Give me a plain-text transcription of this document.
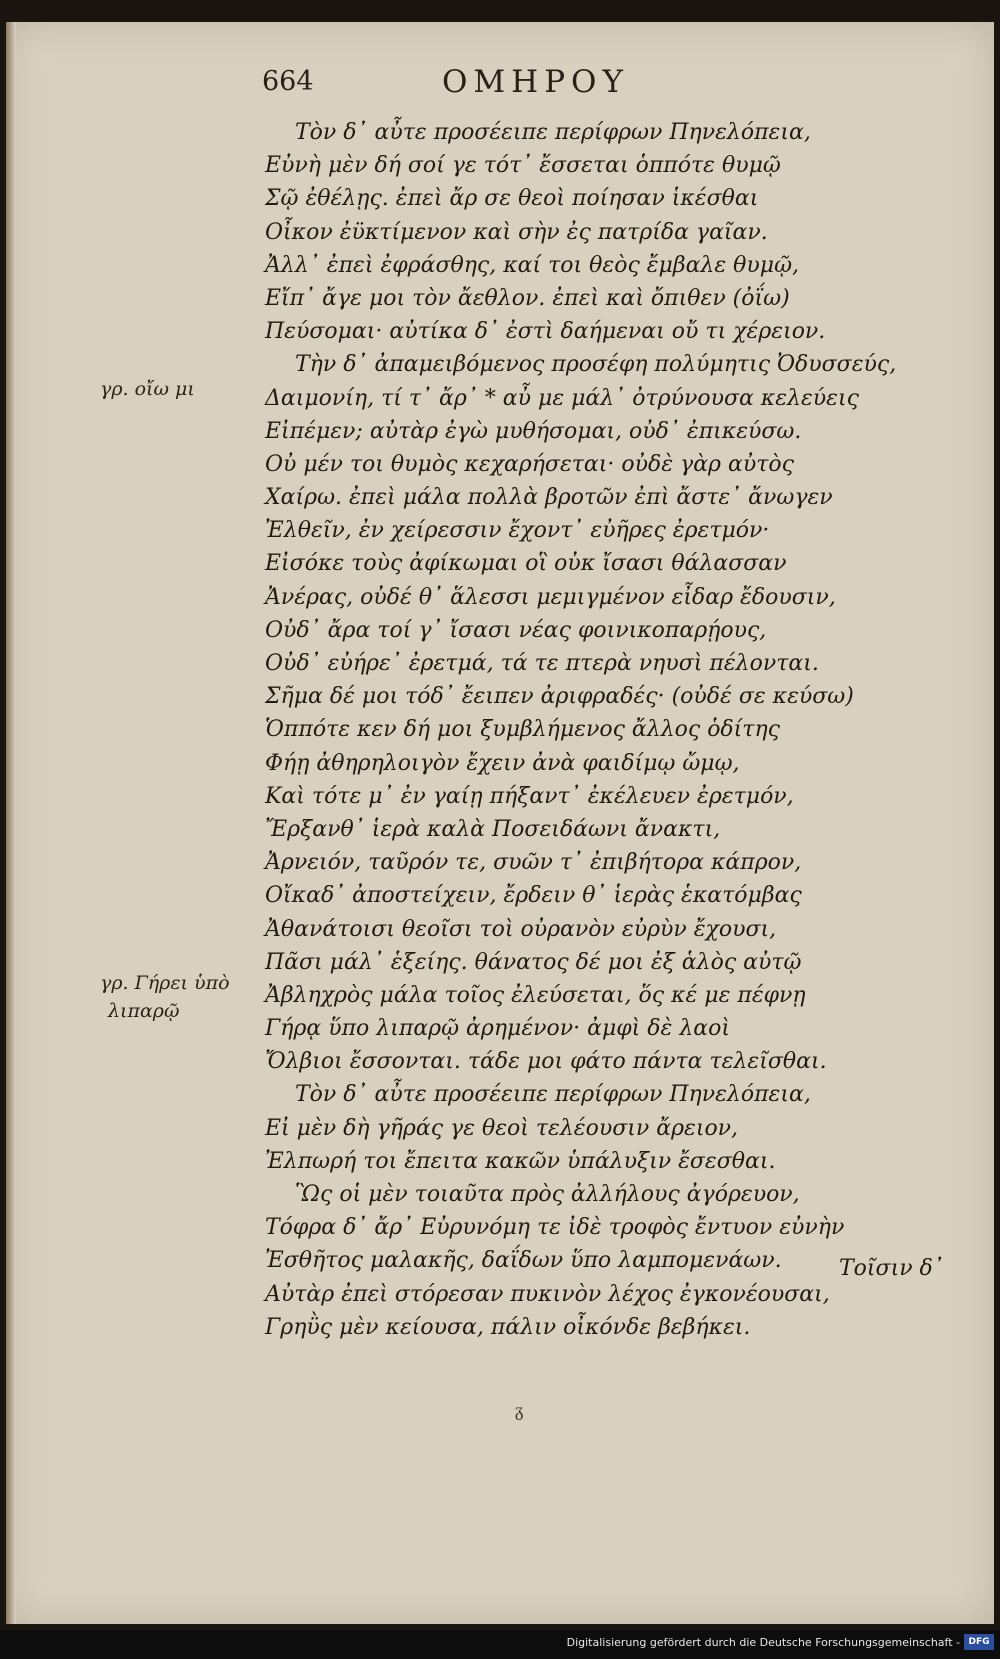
664	ΟΜΗΡΟΥ
Τὸν δ᾽ αὖτε προσέειπε περίφρων Πηνελόπεια,
Εὐνὴ μὲν δή σοί γε τότ᾽ ἔσσεται ὁππότε θυμῷ
Σῷ ἐθέλῃς. ἐπεὶ ἄρ σε θεοὶ ποίησαν ἱκέσθαι
Οἶκον ἐϋκτίμενον καὶ σὴν ἐς πατρίδα γαῖαν.
Ἀλλ᾽ ἐπεὶ ἐφράσθης, καί τοι θεὸς ἔμβαλε θυμῷ,
Εἴπ᾽ ἄγε μοι τὸν ἄεθλον. ἐπεὶ καὶ ὄπιθεν (ὀΐω)
Πεύσομαι· αὐτίκα δ᾽ ἐστὶ δαήμεναι οὔ τι χέρειον.
Τὴν δ᾽ ἀπαμειβόμενος προσέφη πολύμητις Ὀδυσσεύς,
Δαιμονίη, τί τ᾽ ἄρ᾽ * αὖ με μάλ᾽ ὀτρύνουσα κελεύεις
Εἰπέμεν; αὐτὰρ ἐγὼ μυθήσομαι, οὐδ᾽ ἐπικεύσω.
Οὐ μέν τοι θυμὸς κεχαρήσεται· οὐδὲ γὰρ αὐτὸς
Χαίρω. ἐπεὶ μάλα πολλὰ βροτῶν ἐπὶ ἄστε᾽ ἄνωγεν
Ἐλθεῖν, ἐν χείρεσσιν ἔχοντ᾽ εὐῆρες ἐρετμόν·
Εἰσόκε τοὺς ἀφίκωμαι οἳ οὐκ ἴσασι θάλασσαν
Ἀνέρας, οὐδέ θ᾽ ἅλεσσι μεμιγμένον εἶδαρ ἔδουσιν,
Οὐδ᾽ ἄρα τοί γ᾽ ἴσασι νέας φοινικοπαρῄους,
Οὐδ᾽ εὐήρε᾽ ἐρετμά, τά τε πτερὰ νηυσὶ πέλονται.
Σῆμα δέ μοι τόδ᾽ ἔειπεν ἀριφραδές· (οὐδέ σε κεύσω)
Ὁππότε κεν δή μοι ξυμβλήμενος ἄλλος ὁδίτης
Φήῃ ἀθηρηλοιγὸν ἔχειν ἀνὰ φαιδίμῳ ὤμῳ,
Καὶ τότε μ᾽ ἐν γαίῃ πήξαντ᾽ ἐκέλευεν ἐρετμόν,
Ἔρξανθ᾽ ἱερὰ καλὰ Ποσειδάωνι ἄνακτι,
Ἀρνειόν, ταῦρόν τε, συῶν τ᾽ ἐπιβήτορα κάπρον,
Οἴκαδ᾽ ἀποστείχειν, ἔρδειν θ᾽ ἱερὰς ἑκατόμβας
Ἀθανάτοισι θεοῖσι τοὶ οὐρανὸν εὐρὺν ἔχουσι,
Πᾶσι μάλ᾽ ἑξείης. θάνατος δέ μοι ἐξ ἁλὸς αὐτῷ
Ἀβληχρὸς μάλα τοῖος ἐλεύσεται, ὅς κέ με πέφνῃ
Γήρᾳ ὕπο λιπαρῷ ἀρημένον· ἀμφὶ δὲ λαοὶ
Ὄλβιοι ἔσσονται. τάδε μοι φάτο πάντα τελεῖσθαι.
Τὸν δ᾽ αὖτε προσέειπε περίφρων Πηνελόπεια,
Εἰ μὲν δὴ γῆράς γε θεοὶ τελέουσιν ἄρειον,
Ἐλπωρή τοι ἔπειτα κακῶν ὑπάλυξιν ἔσεσθαι.
Ὣς οἱ μὲν τοιαῦτα πρὸς ἀλλήλους ἀγόρευον,
Τόφρα δ᾽ ἄρ᾽ Εὐρυνόμη τε ἰδὲ τροφὸς ἔντυον εὐνὴν
Ἐσθῆτος μαλακῆς, δαΐδων ὕπο λαμπομενάων.
Αὐτὰρ ἐπεὶ στόρεσαν πυκινὸν λέχος ἐγκονέουσαι,
Γρηῢς μὲν κείουσα, πάλιν οἶκόνδε βεβήκει.
γρ. οἴω μι
γρ. Γήρει ὑπὸ
λιπαρῷ
Τοῖσιν δ᾽
ᵹ
Digitalisierung gefördert durch die Deutsche Forschungsgemeinschaft - DFG
